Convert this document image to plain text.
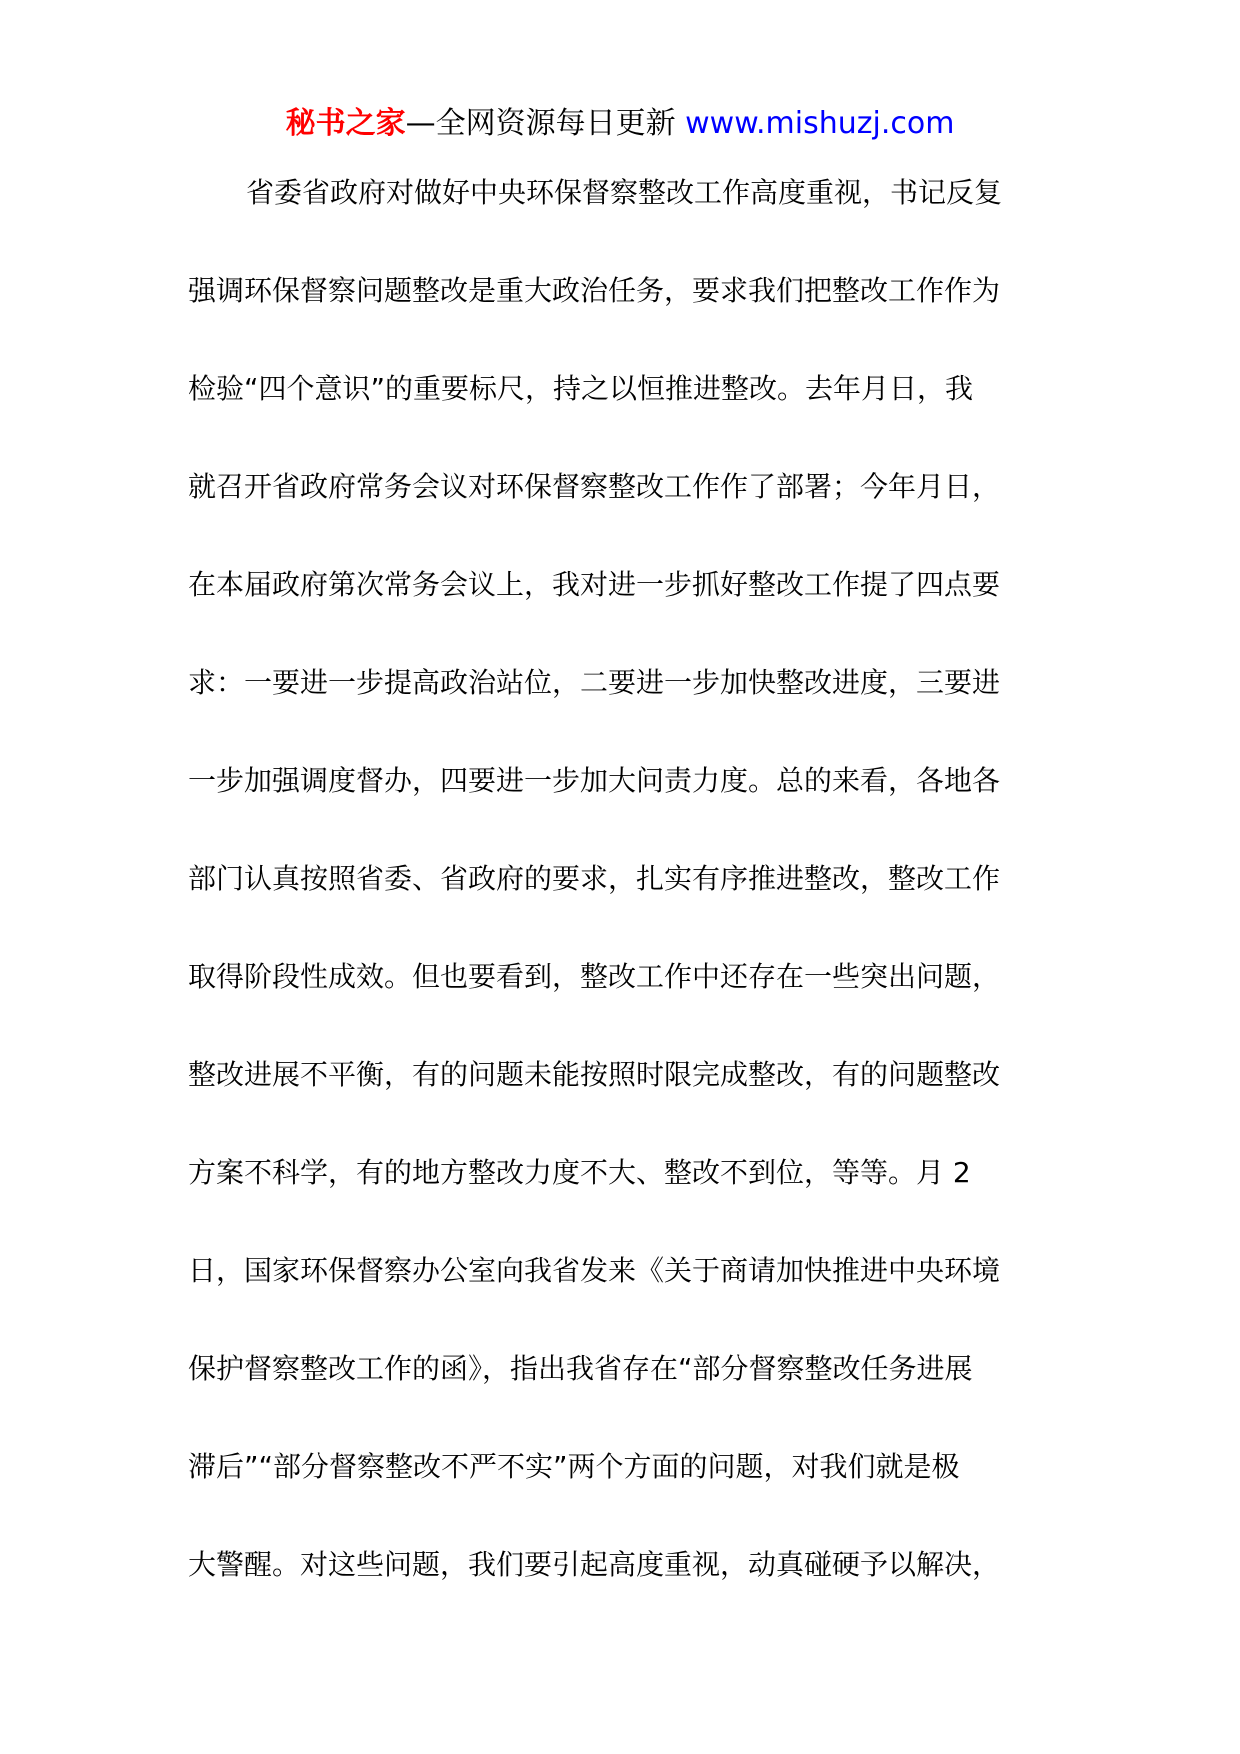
秘书之家—全网资源每日更新 www.mishuzj.com
省委省政府对做好中央环保督察整改工作高度重视，书记反复
强调环保督察问题整改是重大政治任务，要求我们把整改工作作为
检验“四个意识”的重要标尺，持之以恒推进整改。去年月日，我
就召开省政府常务会议对环保督察整改工作作了部署；今年月日，
在本届政府第次常务会议上，我对进一步抓好整改工作提了四点要
求：一要进一步提高政治站位，二要进一步加快整改进度，三要进
一步加强调度督办，四要进一步加大问责力度。总的来看，各地各
部门认真按照省委、省政府的要求，扎实有序推进整改，整改工作
取得阶段性成效。但也要看到，整改工作中还存在一些突出问题，
整改进展不平衡，有的问题未能按照时限完成整改，有的问题整改
方案不科学，有的地方整改力度不大、整改不到位，等等。月 2
日，国家环保督察办公室向我省发来《关于商请加快推进中央环境
保护督察整改工作的函》，指出我省存在“部分督察整改任务进展
滞后”“部分督察整改不严不实”两个方面的问题，对我们就是极
大警醒。对这些问题，我们要引起高度重视，动真碰硬予以解决，
